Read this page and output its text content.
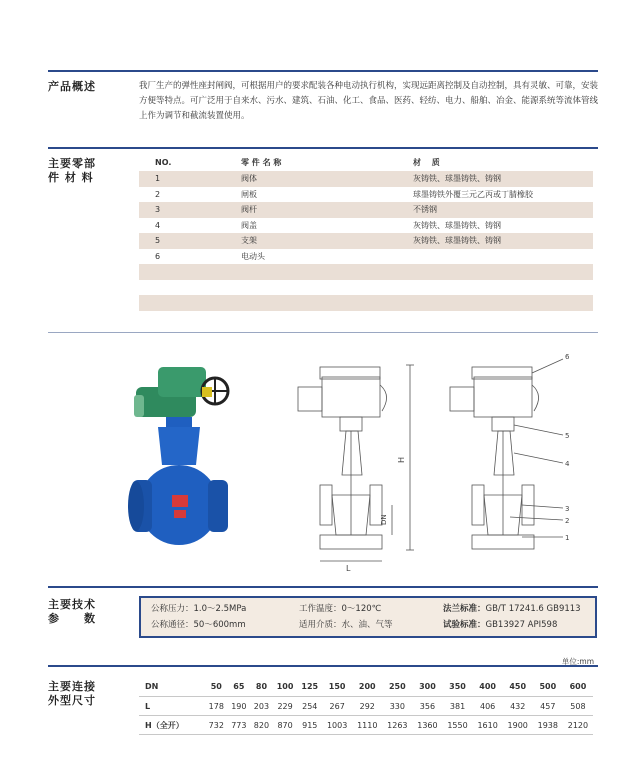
产品概述	我厂生产的弹性座封闸阀，可根据用户的要求配装各种电动执行机构，实现远距离控制及自动控制，具有灵敏、可靠，安装方便等特点。可广泛用于自来水、污水、建筑、石油、化工、食品、医药、轻纺、电力、船舶、冶金、能源系统等流体管线上作为调节和截流装置使用。
主要零部
件 材 料
NO.	零 件 名 称	材　 质
1	阀体	灰铸铁、球墨铸铁、铸钢
2	闸板	球墨铸铁外覆三元乙丙或丁腈橡胶
3	阀杆	不锈钢
4	阀盖	灰铸铁、球墨铸铁、铸钢
5	支架	灰铸铁、球墨铸铁、铸钢
6	电动头	

H
DN
L
6
5
4
3
2
1
主要技术
参　　数
公称压力：1.0～2.5MPa
公称通径：50～600mm
工作温度：0～120℃
适用介质：水、油、气等
法兰标准：GB/T 17241.6 GB9113
试验标准：GB13927 API598
单位:mm
主要连接
外型尺寸
DN	50	65	80	100	125	150	200	250	300	350	400	450	500	600
L	178	190	203	229	254	267	292	330	356	381	406	432	457	508
H（全开）	732	773	820	870	915	1003	1110	1263	1360	1550	1610	1900	1938	2120
